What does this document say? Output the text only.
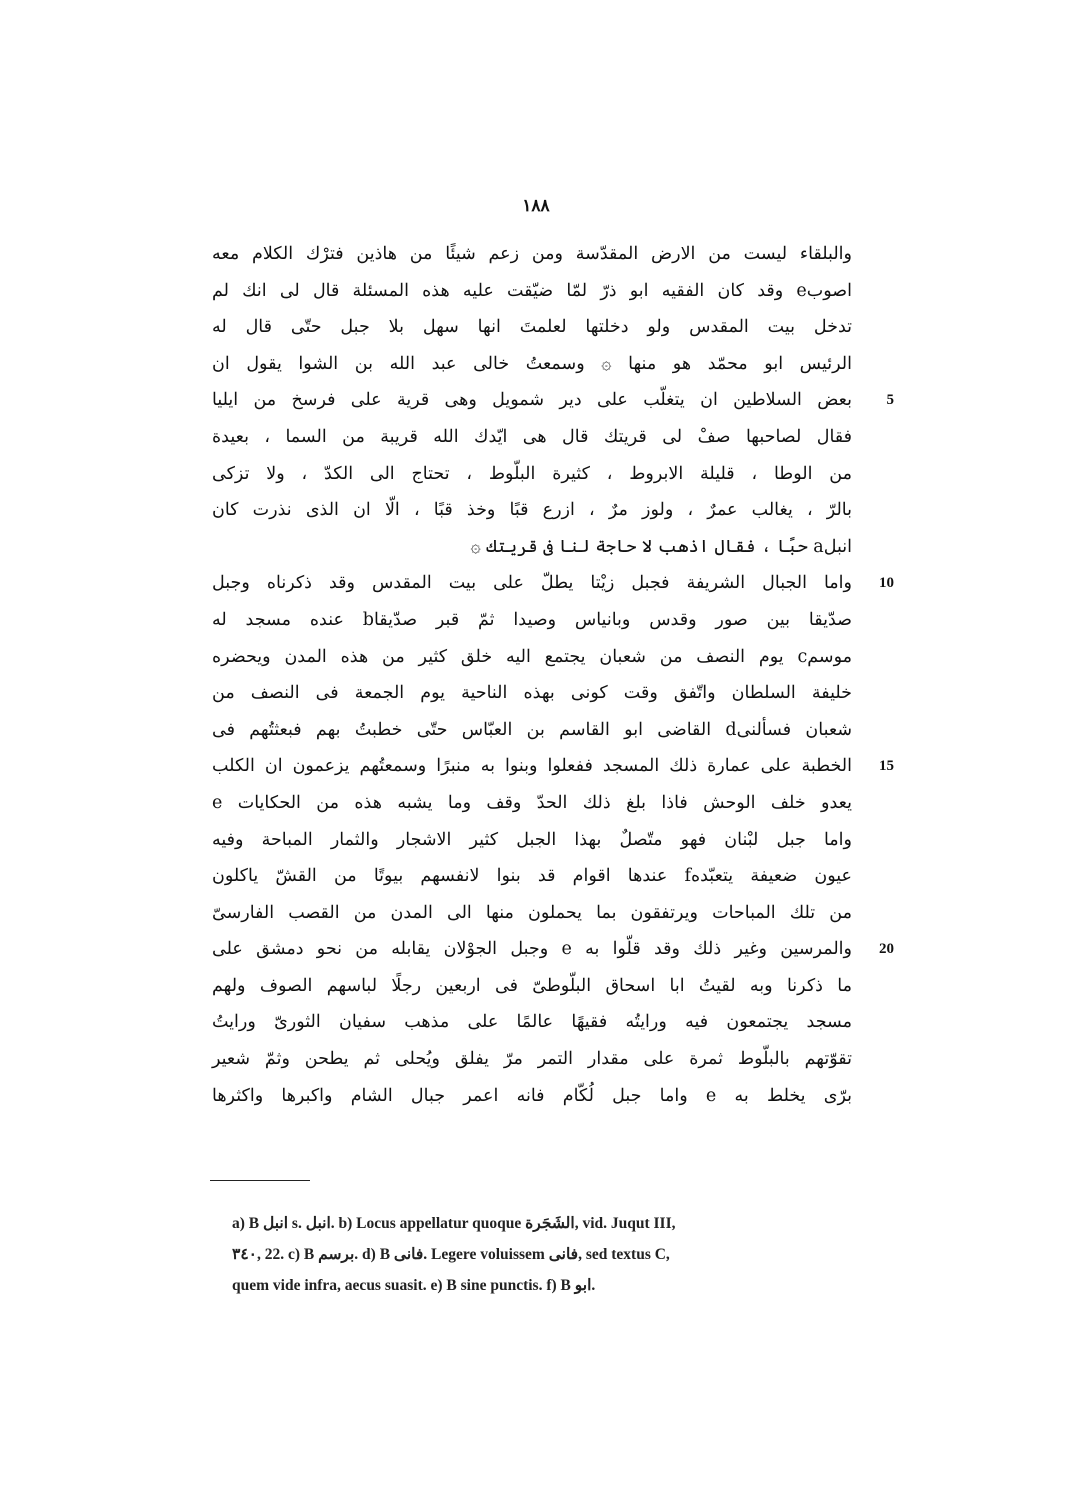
١٨٨
والبلقاء ليست من الارض المقدّسة ومن زعم شيئًا من هاذين فترْك الكلام معه
اصوبe وقد كان الفقيه ابو ذرّ لمّا ضيّقت عليه هذه المسئلة قال لى انك لم
تدخل بيت المقدس ولو دخلتها لعلمتَ انها سهل بلا جبل حتّى قال له
الرئيس ابو محمّد هو منها ۞ وسمعتُ خالى عبد الله بن الشوا يقول ان
بعض السلاطين ان يتغلّب على دير شمويل وهى قرية على فرسخ من ايليا 5
فقال لصاحبها صفْ لى قريتك قال هى ايّدك الله قريبة من السما ، بعيدة
من الوطا ، قليلة الابروط ، كثيرة البلّوط ، تحتاج الى الكدّ ، ولا تزكى
بالرّ ، يغالب عمرٌ ، ولوز مرٌ ، ازرع قبًا وخذ قبًا ، الّا ان الذى نذرت كان
انبلa حبًا ، فقال اذهب لا حاجة لنا فى قريتك ۞
واما الجبال الشريفة فجبل زيْتا يطلّ على بيت المقدس وقد ذكرناه وجبل 10
صدّيقا بين صور وقدس وبانياس وصيدا ثمّ قبر صدّيقاb عنده مسجد له
موسمc يوم النصف من شعبان يجتمع اليه خلق كثير من هذه المدن ويحضره
خليفة السلطان واتّفق وقت كونى بهذه الناحية يوم الجمعة فى النصف من
شعبان فسألنىd القاضى ابو القاسم بن العبّاس حتّى خطبتُ بهم فبعثتُهم فى
الخطبة على عمارة ذلك المسجد ففعلوا وبنوا به منبرًا وسمعتُهم يزعمون ان الكلب 15
يعدو خلف الوحش فاذا بلغ ذلك الحدّ وقف وما يشبه هذه من الحكايات e
واما جبل لبْنان فهو متّصلٌ بهذا الجبل كثير الاشجار والثمار المباحة وفيه
عيون ضعيفة يتعبّدهf عندها اقوام قد بنوا لانفسهم بيوتًا من القشّ ياكلون
من تلك المباحات ويرتفقون بما يحملون منها الى المدن من القصب الفارسىّ
والمرسين وغير ذلك وقد قلّوا به e وجبل الجوْلان يقابله من نحو دمشق على 20
ما ذكرنا وبه لقيتُ ابا اسحاق البلّوطىّ فى اربعين رجلًا لباسهم الصوف ولهم
مسجد يجتمعون فيه ورايتُه فقيهًا عالمًا على مذهب سفيان الثورىّ ورايتُ
تقوّتهم بالبلّوط ثمرة على مقدار التمر مرّ يفلق ويُحلى ثم يطحن وثمّ شعير
برّى يخلط به e واما جبل لُكّام فانه اعمر جبال الشام واكبرها واكثرها
a) B انبل s. انبل. b) Locus appellatur quoque الشَجَرة, vid. Juqut III,
٣٤٠, 22. c) B برسم. d) B فانى. Legere voluissem فانى, sed textus C,
quem vide infra, aecus suasit. e) B sine punctis. f) B ابو.
